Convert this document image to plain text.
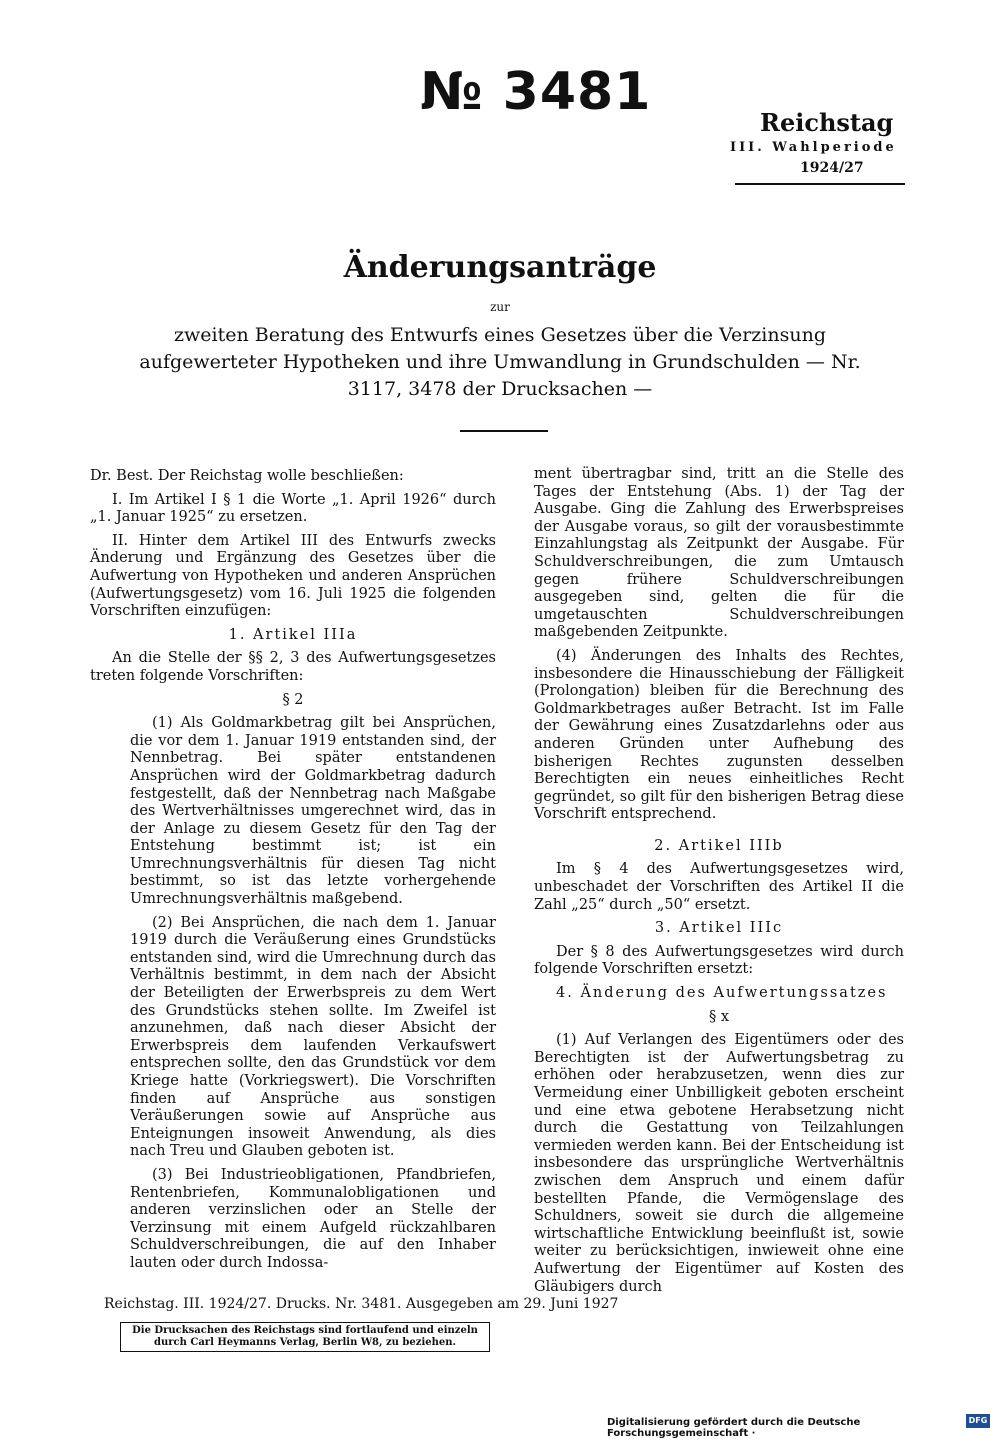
№ 3481
Reichstag
III. Wahlperiode
1924/27
Änderungsanträge
zur
zweiten Beratung des Entwurfs eines Gesetzes über die Verzinsung aufgewerteter Hypotheken und ihre Umwandlung in Grundschulden — Nr. 3117, 3478 der Drucksachen —

Dr. Best. Der Reichstag wolle beschließen:

I. Im Artikel I § 1 die Worte „1. April 1926“ durch „1. Januar 1925“ zu ersetzen.

II. Hinter dem Artikel III des Entwurfs zwecks Änderung und Ergänzung des Gesetzes über die Aufwertung von Hypotheken und anderen Ansprüchen (Aufwertungsgesetz) vom 16. Juli 1925 die folgenden Vorschriften einzufügen:

1. Artikel IIIa

An die Stelle der §§ 2, 3 des Aufwertungsgesetzes treten folgende Vorschriften:

§ 2

(1) Als Goldmarkbetrag gilt bei Ansprüchen, die vor dem 1. Januar 1919 entstanden sind, der Nennbetrag. Bei später entstandenen Ansprüchen wird der Goldmarkbetrag dadurch festgestellt, daß der Nennbetrag nach Maßgabe des Wertverhältnisses umgerechnet wird, das in der Anlage zu diesem Gesetz für den Tag der Entstehung bestimmt ist; ist ein Umrechnungsverhältnis für diesen Tag nicht bestimmt, so ist das letzte vorhergehende Umrechnungsverhältnis maßgebend.

(2) Bei Ansprüchen, die nach dem 1. Januar 1919 durch die Veräußerung eines Grundstücks entstanden sind, wird die Umrechnung durch das Verhältnis bestimmt, in dem nach der Absicht der Beteiligten der Erwerbspreis zu dem Wert des Grundstücks stehen sollte. Im Zweifel ist anzunehmen, daß nach dieser Absicht der Erwerbspreis dem laufenden Verkaufswert entsprechen sollte, den das Grundstück vor dem Kriege hatte (Vorkriegswert). Die Vorschriften finden auf Ansprüche aus sonstigen Veräußerungen sowie auf Ansprüche aus Enteignungen insoweit Anwendung, als dies nach Treu und Glauben geboten ist.

(3) Bei Industrieobligationen, Pfandbriefen, Rentenbriefen, Kommunalobligationen und anderen verzinslichen oder an Stelle der Verzinsung mit einem Aufgeld rückzahlbaren Schuldverschreibungen, die auf den Inhaber lauten oder durch Indossa-

ment übertragbar sind, tritt an die Stelle des Tages der Entstehung (Abs. 1) der Tag der Ausgabe. Ging die Zahlung des Erwerbspreises der Ausgabe voraus, so gilt der vorausbestimmte Einzahlungstag als Zeitpunkt der Ausgabe. Für Schuldverschreibungen, die zum Umtausch gegen frühere Schuldverschreibungen ausgegeben sind, gelten die für die umgetauschten Schuldverschreibungen maßgebenden Zeitpunkte.

(4) Änderungen des Inhalts des Rechtes, insbesondere die Hinausschiebung der Fälligkeit (Prolongation) bleiben für die Berechnung des Goldmarkbetrages außer Betracht. Ist im Falle der Gewährung eines Zusatzdarlehns oder aus anderen Gründen unter Aufhebung des bisherigen Rechtes zugunsten desselben Berechtigten ein neues einheitliches Recht gegründet, so gilt für den bisherigen Betrag diese Vorschrift entsprechend.

2. Artikel IIIb

Im § 4 des Aufwertungsgesetzes wird, unbeschadet der Vorschriften des Artikel II die Zahl „25“ durch „50“ ersetzt.

3. Artikel IIIc

Der § 8 des Aufwertungsgesetzes wird durch folgende Vorschriften ersetzt:

4. Änderung des Aufwertungssatzes

§ x

(1) Auf Verlangen des Eigentümers oder des Berechtigten ist der Aufwertungsbetrag zu erhöhen oder herabzusetzen, wenn dies zur Vermeidung einer Unbilligkeit geboten erscheint und eine etwa gebotene Herabsetzung nicht durch die Gestattung von Teilzahlungen vermieden werden kann. Bei der Entscheidung ist insbesondere das ursprüngliche Wertverhältnis zwischen dem Anspruch und einem dafür bestellten Pfande, die Vermögenslage des Schuldners, soweit sie durch die allgemeine wirtschaftliche Entwicklung beeinflußt ist, sowie weiter zu berücksichtigen, inwieweit ohne eine Aufwertung der Eigentümer auf Kosten des Gläubigers durch

Reichstag. III. 1924/27. Drucks. Nr. 3481. Ausgegeben am 29. Juni 1927
Die Drucksachen des Reichstags sind fortlaufend und einzeln durch Carl Heymanns Verlag, Berlin W8, zu beziehen.
Digitalisierung gefördert durch die Deutsche Forschungsgemeinschaft ·
DFG
